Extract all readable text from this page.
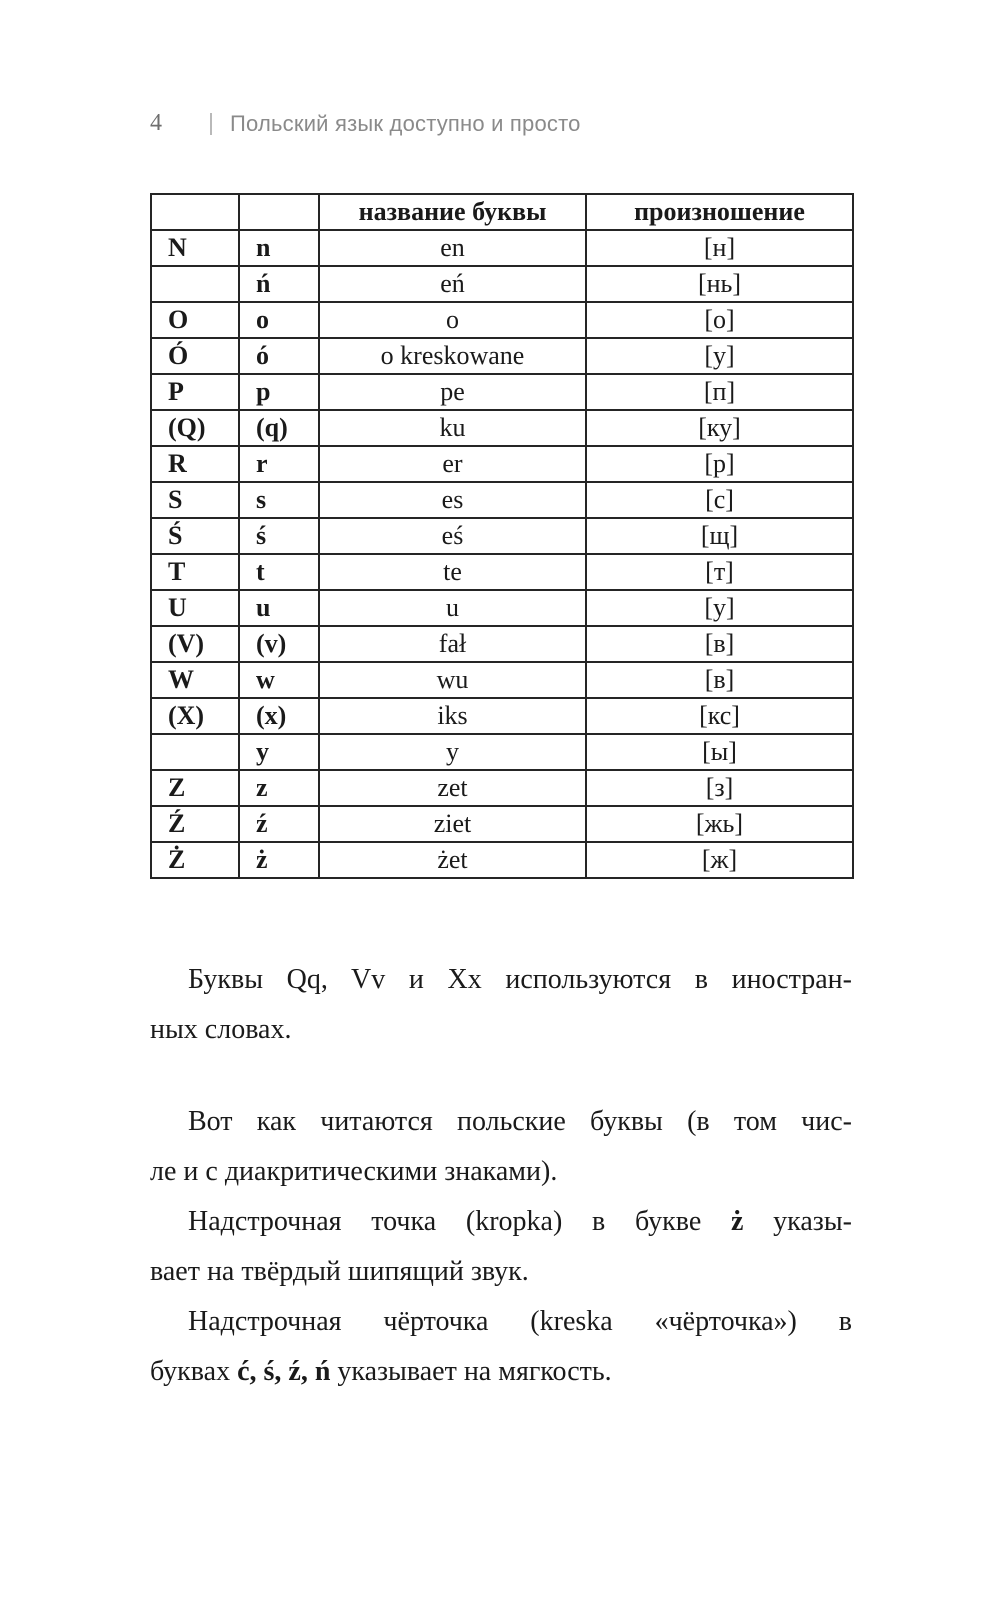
4	Польский язык доступно и просто
		название буквы	произношение
N	n	en	[н]
	ń	eń	[нь]
O	o	o	[о]
Ó	ó	o kreskowane	[у]
P	p	pe	[п]
(Q)	(q)	ku	[ку]
R	r	er	[р]
S	s	es	[с]
Ś	ś	eś	[щ]
T	t	te	[т]
U	u	u	[у]
(V)	(v)	fał	[в]
W	w	wu	[в]
(X)	(x)	iks	[кс]
	y	y	[ы]
Z	z	zet	[з]
Ź	ź	ziet	[жь]
Ż	ż	żet	[ж]

Буквы Qq, Vv и Xx используются в иностран-
ных словах.

Вот как читаются польские буквы (в том чис-
ле и с диакритическими знаками).

Надстрочная точка (kropka) в букве ż указы-
вает на твёрдый шипящий звук.

Надстрочная чёрточка (kreska «чёрточка») в
буквах ć, ś, ź, ń указывает на мягкость.
